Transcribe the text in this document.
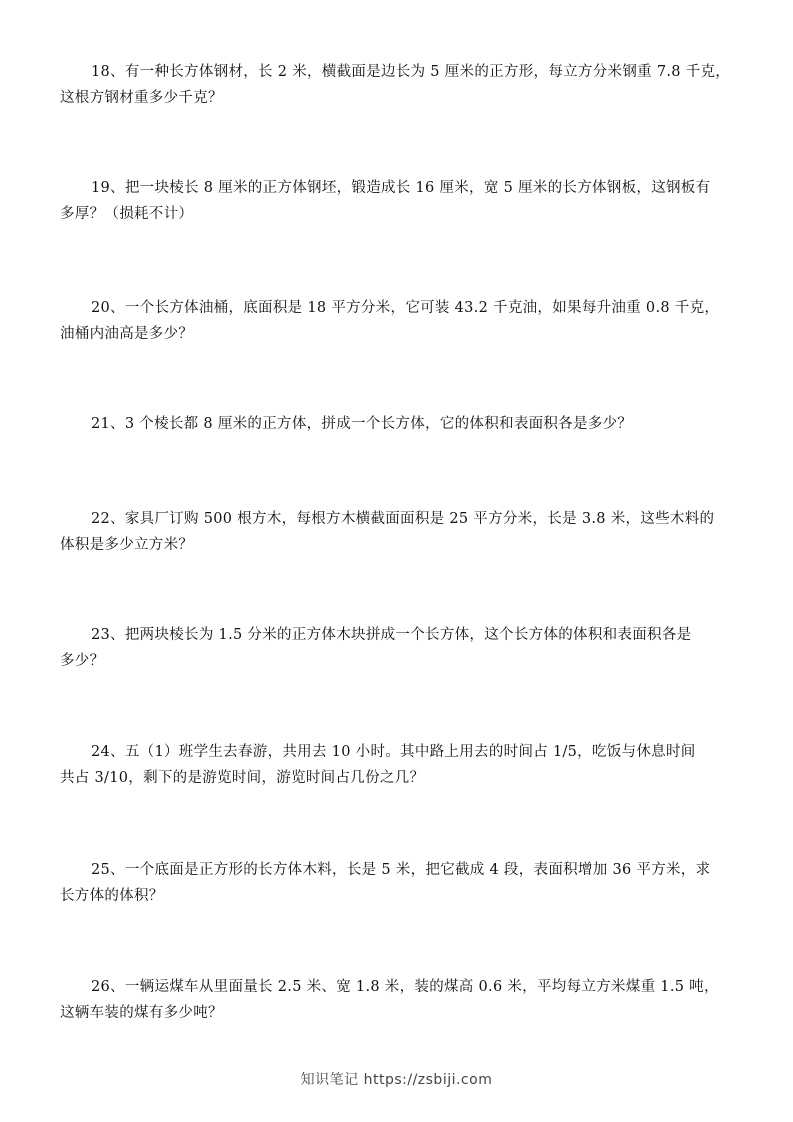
18、有一种长方体钢材，长 2 米，横截面是边长为 5 厘米的正方形，每立方分米钢重 7.8 千克，
这根方钢材重多少千克？
19、把一块棱长 8 厘米的正方体钢坯，锻造成长 16 厘米，宽 5 厘米的长方体钢板，这钢板有
多厚？（损耗不计）
20、一个长方体油桶，底面积是 18 平方分米，它可装 43.2 千克油，如果每升油重 0.8 千克，
油桶内油高是多少？
21、3 个棱长都 8 厘米的正方体，拼成一个长方体，它的体积和表面积各是多少？
22、家具厂订购 500 根方木，每根方木横截面面积是 25 平方分米，长是 3.8 米，这些木料的
体积是多少立方米？
23、把两块棱长为 1.5 分米的正方体木块拼成一个长方体，这个长方体的体积和表面积各是
多少？
24、五（1）班学生去春游，共用去 10 小时。其中路上用去的时间占 1/5，吃饭与休息时间
共占 3/10，剩下的是游览时间，游览时间占几份之几？
25、一个底面是正方形的长方体木料，长是 5 米，把它截成 4 段，表面积增加 36 平方米，求
长方体的体积？
26、一辆运煤车从里面量长 2.5 米、宽 1.8 米，装的煤高 0.6 米，平均每立方米煤重 1.5 吨，
这辆车装的煤有多少吨？
知识笔记 https://zsbiji.com
